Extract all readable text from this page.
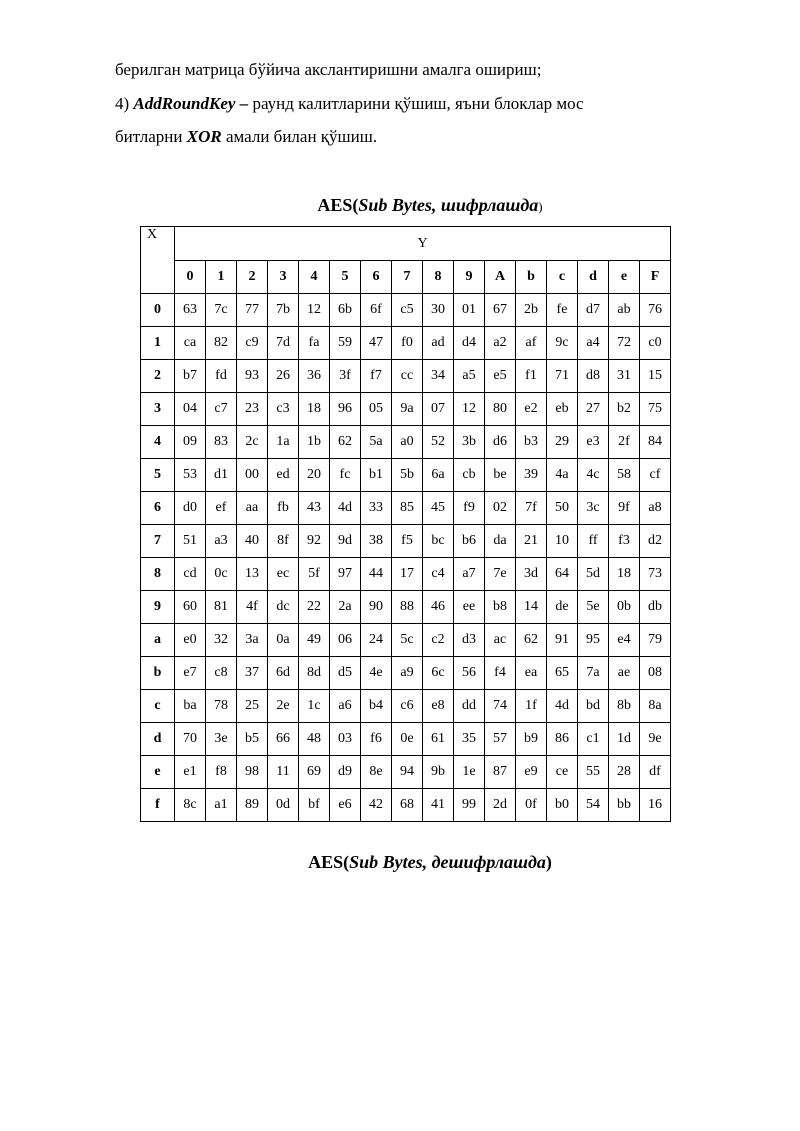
берилган матрица бўйича акслантиришни амалга ошириш;
4) AddRoundKey – раунд калитларини қўшиш, яъни блоклар мос
битларни XOR амали билан қўшиш.
AES(Sub Bytes, шифрлашда)
X	Y															
	0	1	2	3	4	5	6	7	8	9	A	b	c	d	e	F
0	63	7c	77	7b	12	6b	6f	c5	30	01	67	2b	fe	d7	ab	76
1	ca	82	c9	7d	fa	59	47	f0	ad	d4	a2	af	9c	a4	72	c0
2	b7	fd	93	26	36	3f	f7	cc	34	a5	e5	f1	71	d8	31	15
3	04	c7	23	c3	18	96	05	9a	07	12	80	e2	eb	27	b2	75
4	09	83	2c	1a	1b	62	5a	a0	52	3b	d6	b3	29	e3	2f	84
5	53	d1	00	ed	20	fc	b1	5b	6a	cb	be	39	4a	4c	58	cf
6	d0	ef	aa	fb	43	4d	33	85	45	f9	02	7f	50	3c	9f	a8
7	51	a3	40	8f	92	9d	38	f5	bc	b6	da	21	10	ff	f3	d2
8	cd	0c	13	ec	5f	97	44	17	c4	a7	7e	3d	64	5d	18	73
9	60	81	4f	dc	22	2a	90	88	46	ee	b8	14	de	5e	0b	db
a	e0	32	3a	0a	49	06	24	5c	c2	d3	ac	62	91	95	e4	79
b	e7	c8	37	6d	8d	d5	4e	a9	6c	56	f4	ea	65	7a	ae	08
c	ba	78	25	2e	1c	a6	b4	c6	e8	dd	74	1f	4d	bd	8b	8a
d	70	3e	b5	66	48	03	f6	0e	61	35	57	b9	86	c1	1d	9e
e	e1	f8	98	11	69	d9	8e	94	9b	1e	87	e9	ce	55	28	df
f	8c	a1	89	0d	bf	e6	42	68	41	99	2d	0f	b0	54	bb	16
AES(Sub Bytes, дешифрлашда)
